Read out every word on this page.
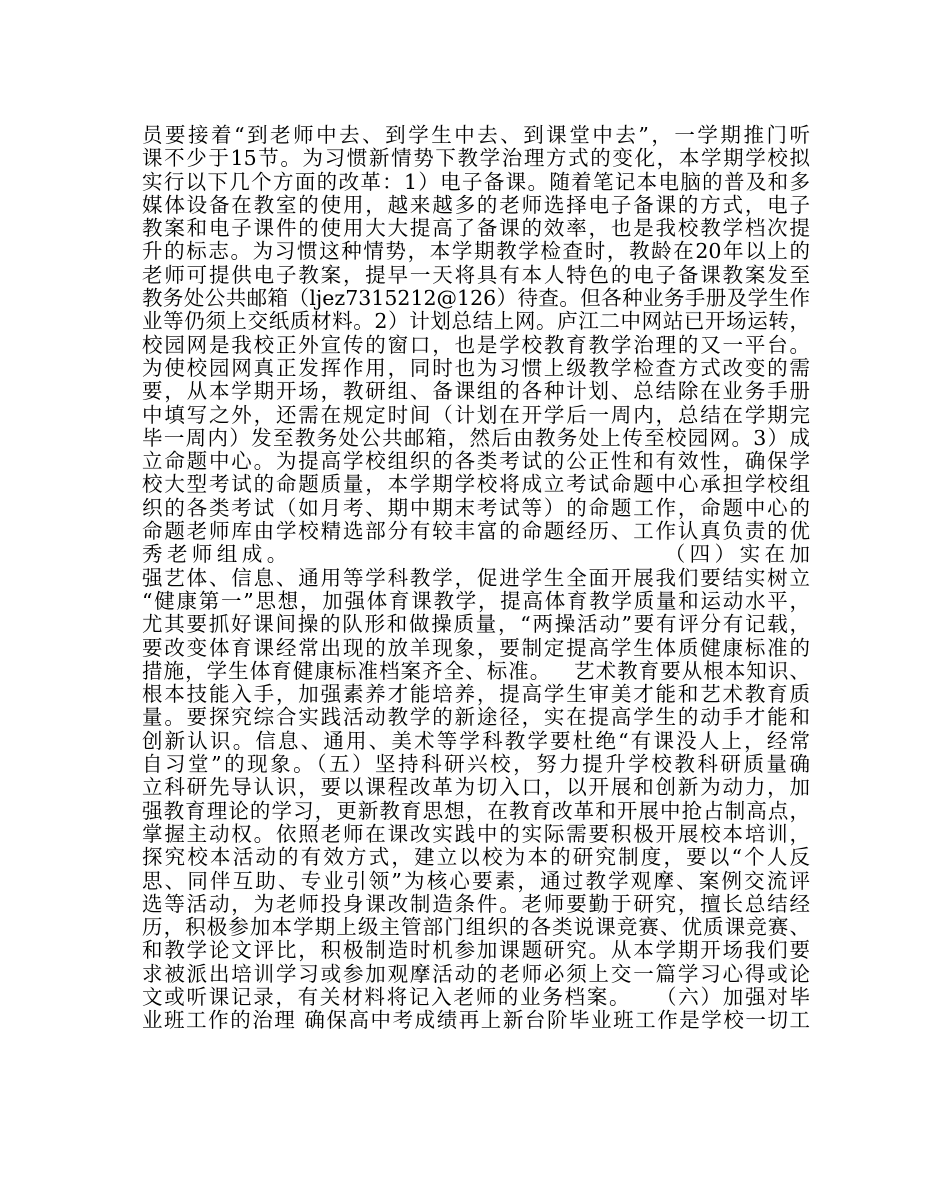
员要接着“到老师中去、到学生中去、到课堂中去”，一学期推门听
课不少于15节。为习惯新情势下教学治理方式的变化，本学期学校拟
实行以下几个方面的改革：1）电子备课。随着笔记本电脑的普及和多
媒体设备在教室的使用，越来越多的老师选择电子备课的方式，电子
教案和电子课件的使用大大提高了备课的效率，也是我校教学档次提
升的标志。为习惯这种情势，本学期教学检查时，教龄在20年以上的
老师可提供电子教案，提早一天将具有本人特色的电子备课教案发至
教务处公共邮箱（ljez7315212@126）待查。但各种业务手册及学生作
业等仍须上交纸质材料。2）计划总结上网。庐江二中网站已开场运转，
校园网是我校正外宣传的窗口，也是学校教育教学治理的又一平台。
为使校园网真正发挥作用，同时也为习惯上级教学检查方式改变的需
要，从本学期开场，教研组、备课组的各种计划、总结除在业务手册
中填写之外，还需在规定时间（计划在开学后一周内，总结在学期完
毕一周内）发至教务处公共邮箱，然后由教务处上传至校园网。3）成
立命题中心。为提高学校组织的各类考试的公正性和有效性，确保学
校大型考试的命题质量，本学期学校将成立考试命题中心承担学校组
织的各类考试（如月考、期中期末考试等）的命题工作，命题中心的
命题老师库由学校精选部分有较丰富的命题经历、工作认真负责的优
秀老师组成。                                  （四）实在加
强艺体、信息、通用等学科教学，促进学生全面开展我们要结实树立
“健康第一”思想，加强体育课教学，提高体育教学质量和运动水平，
尤其要抓好课间操的队形和做操质量，“两操活动”要有评分有记载，
要改变体育课经常出现的放羊现象，要制定提高学生体质健康标准的
措施，学生体育健康标准档案齐全、标准。   艺术教育要从根本知识、
根本技能入手，加强素养才能培养，提高学生审美才能和艺术教育质
量。要探究综合实践活动教学的新途径，实在提高学生的动手才能和
创新认识。信息、通用、美术等学科教学要杜绝“有课没人上，经常
自习堂”的现象。（五）坚持科研兴校，努力提升学校教科研质量确
立科研先导认识，要以课程改革为切入口，以开展和创新为动力，加
强教育理论的学习，更新教育思想，在教育改革和开展中抢占制高点，
掌握主动权。依照老师在课改实践中的实际需要积极开展校本培训，
探究校本活动的有效方式，建立以校为本的研究制度，要以“个人反
思、同伴互助、专业引领”为核心要素，通过教学观摩、案例交流评
选等活动，为老师投身课改制造条件。老师要勤于研究，擅长总结经
历，积极参加本学期上级主管部门组织的各类说课竞赛、优质课竞赛、
和教学论文评比，积极制造时机参加课题研究。从本学期开场我们要
求被派出培训学习或参加观摩活动的老师必须上交一篇学习心得或论
文或听课记录，有关材料将记入老师的业务档案。   （六）加强对毕
业班工作的治理 确保高中考成绩再上新台阶毕业班工作是学校一切工
